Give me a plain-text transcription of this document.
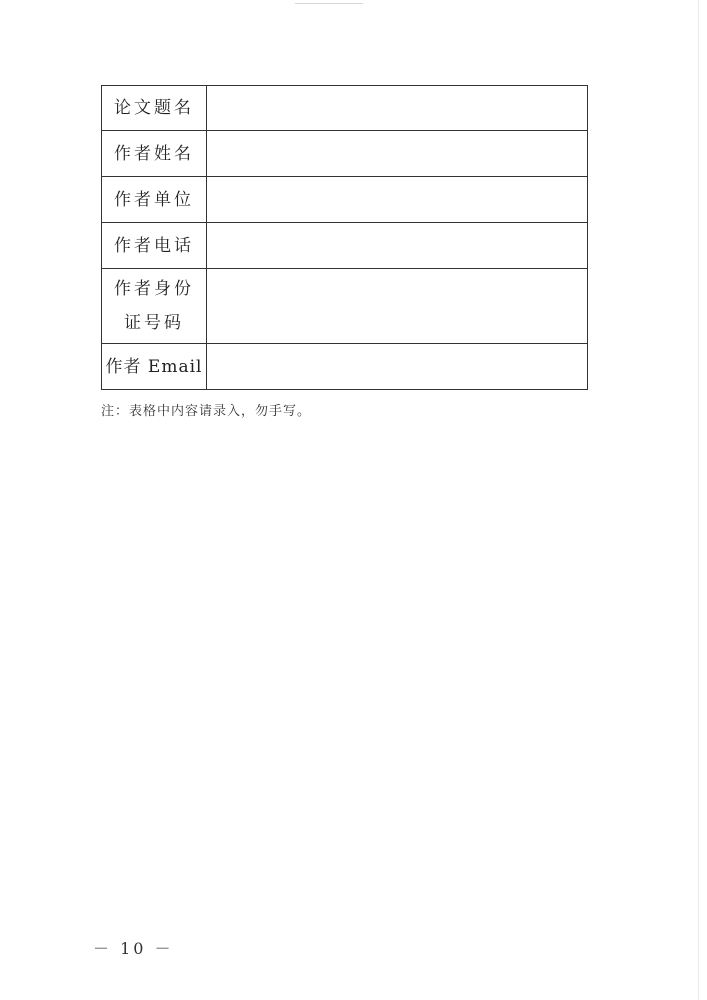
论文题名	
作者姓名	
作者单位	
作者电话	

作者身份
证号码	

作者 Email	
注：表格中内容请录入，勿手写。
－ 10 －
